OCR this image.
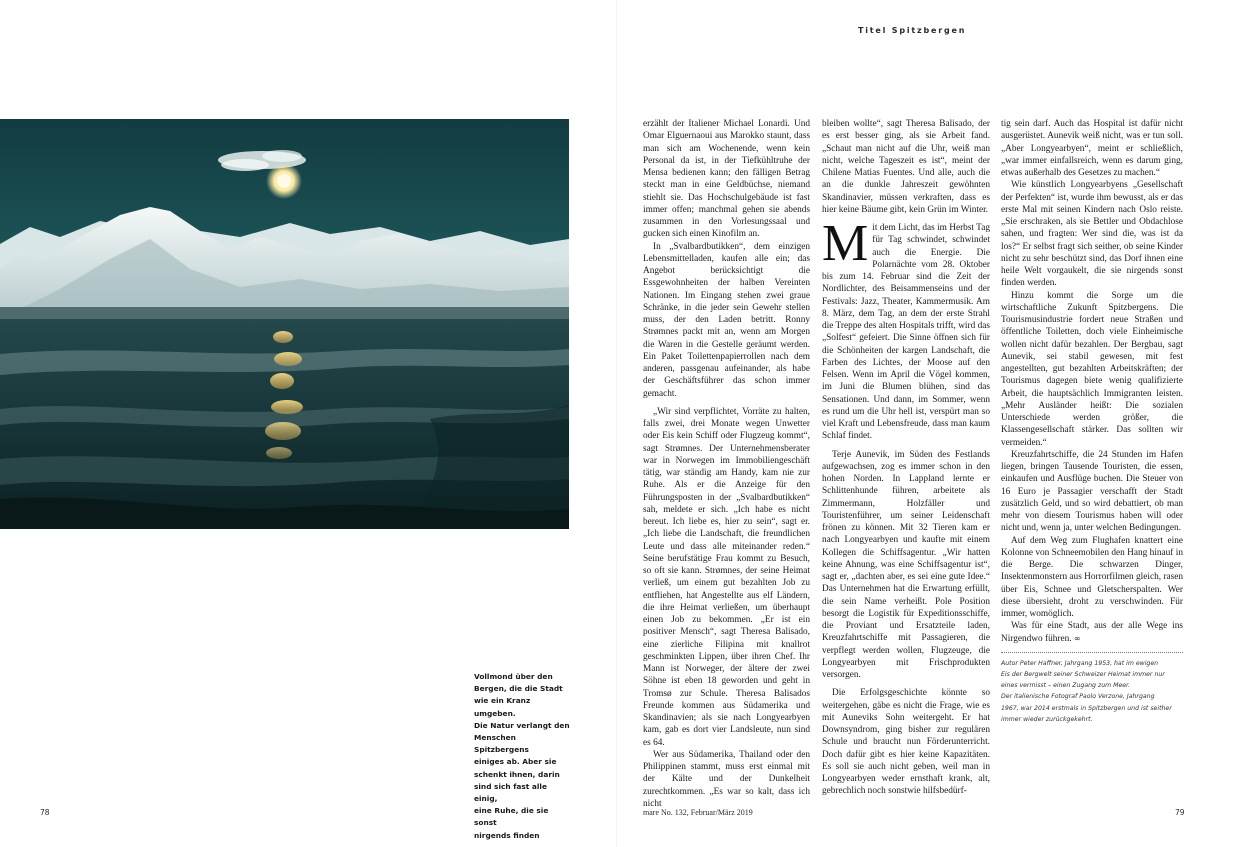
Titel Spitzbergen
Vollmond über den
Bergen, die die Stadt
wie ein Kranz umgeben.
Die Natur verlangt den
Menschen Spitzbergens
einiges ab. Aber sie
schenkt ihnen, darin
sind sich fast alle einig,
eine Ruhe, die sie sonst
nirgends finden

erzählt der Italiener Michael Lonardi. Und Omar Elguernaoui aus Marokko staunt, dass man sich am Wochenende, wenn kein Personal da ist, in der Tiefkühltruhe der Mensa bedienen kann; den fälligen Betrag steckt man in eine Geldbüchse, niemand stiehlt sie. Das Hochschulgebäude ist fast immer offen; manchmal gehen sie abends zusammen in den Vorlesungssaal und gucken sich einen Kinofilm an.

In „Svalbardbutikken“, dem einzigen Lebensmittelladen, kaufen alle ein; das Angebot berücksichtigt die Essgewohnheiten der halben Vereinten Nationen. Im Eingang stehen zwei graue Schränke, in die jeder sein Gewehr stellen muss, der den Laden betritt. Ronny Strømnes packt mit an, wenn am Morgen die Waren in die Gestelle geräumt werden. Ein Paket Toilettenpapierrollen nach dem anderen, passgenau aufeinander, als habe der Geschäftsführer das schon immer gemacht.

„Wir sind verpflichtet, Vorräte zu halten, falls zwei, drei Monate wegen Unwetter oder Eis kein Schiff oder Flugzeug kommt“, sagt Strømnes. Der Unternehmensberater war in Norwegen im Immobiliengeschäft tätig, war ständig am Handy, kam nie zur Ruhe. Als er die Anzeige für den Führungsposten in der „Svalbardbutikken“ sah, meldete er sich. „Ich habe es nicht bereut. Ich liebe es, hier zu sein“, sagt er. „Ich liebe die Landschaft, die freundlichen Leute und dass alle miteinander reden.“ Seine berufstätige Frau kommt zu Besuch, so oft sie kann. Strømnes, der seine Heimat verließ, um einem gut bezahlten Job zu entfliehen, hat Angestellte aus elf Ländern, die ihre Heimat verließen, um überhaupt einen Job zu bekommen. „Er ist ein positiver Mensch“, sagt Theresa Balisado, eine zierliche Filipina mit knallrot geschminkten Lippen, über ihren Chef. Ihr Mann ist Norweger, der ältere der zwei Söhne ist eben 18 geworden und geht in Tromsø zur Schule. Theresa Balisados Freunde kommen aus Südamerika und Skandinavien; als sie nach Longyearbyen kam, gab es dort vier Landsleute, nun sind es 64.

Wer aus Südamerika, Thailand oder den Philippinen stammt, muss erst einmal mit der Kälte und der Dunkelheit zurechtkommen. „Es war so kalt, dass ich nicht

bleiben wollte“, sagt Theresa Balisado, der es erst besser ging, als sie Arbeit fand. „Schaut man nicht auf die Uhr, weiß man nicht, welche Tageszeit es ist“, meint der Chilene Matias Fuentes. Und alle, auch die an die dunkle Jahreszeit gewöhnten Skandinavier, müssen verkraften, dass es hier keine Bäume gibt, kein Grün im Winter.

Mit dem Licht, das im Herbst Tag für Tag schwindet, schwindet auch die Energie. Die Polarnächte vom 28. Oktober bis zum 14. Februar sind die Zeit der Nordlichter, des Beisammenseins und der Festivals: Jazz, Theater, Kammermusik. Am 8. März, dem Tag, an dem der erste Strahl die Treppe des alten Hospitals trifft, wird das „Solfest“ gefeiert. Die Sinne öffnen sich für die Schönheiten der kargen Landschaft, die Farben des Lichtes, der Moose auf den Felsen. Wenn im April die Vögel kommen, im Juni die Blumen blühen, sind das Sensationen. Und dann, im Sommer, wenn es rund um die Uhr hell ist, verspürt man so viel Kraft und Lebensfreude, dass man kaum Schlaf findet.

Terje Aunevik, im Süden des Festlands aufgewachsen, zog es immer schon in den hohen Norden. In Lappland lernte er Schlittenhunde führen, arbeitete als Zimmermann, Holzfäller und Touristenführer, um seiner Leidenschaft frönen zu können. Mit 32 Tieren kam er nach Longyearbyen und kaufte mit einem Kollegen die Schiffsagentur. „Wir hatten keine Ahnung, was eine Schiffsagentur ist“, sagt er, „dachten aber, es sei eine gute Idee.“ Das Unternehmen hat die Erwartung erfüllt, die sein Name verheißt. Pole Position besorgt die Logistik für Expeditionsschiffe, die Proviant und Ersatzteile laden, Kreuzfahrtschiffe mit Passagieren, die verpflegt werden wollen, Flugzeuge, die Longyearbyen mit Frischprodukten versorgen.

Die Erfolgsgeschichte könnte so weitergehen, gäbe es nicht die Frage, wie es mit Auneviks Sohn weitergeht. Er hat Downsyndrom, ging bisher zur regulären Schule und braucht nun Förderunterricht. Doch dafür gibt es hier keine Kapazitäten. Es soll sie auch nicht geben, weil man in Longyearbyen weder ernsthaft krank, alt, gebrechlich noch sonstwie hilfsbedürf-

tig sein darf. Auch das Hospital ist dafür nicht ausgerüstet. Aunevik weiß nicht, was er tun soll. „Aber Longyearbyen“, meint er schließlich, „war immer einfallsreich, wenn es darum ging, etwas außerhalb des Gesetzes zu machen.“

Wie künstlich Longyearbyens „Gesellschaft der Perfekten“ ist, wurde ihm bewusst, als er das erste Mal mit seinen Kindern nach Oslo reiste. „Sie erschraken, als sie Bettler und Obdachlose sahen, und fragten: Wer sind die, was ist da los?“ Er selbst fragt sich seither, ob seine Kinder nicht zu sehr beschützt sind, das Dorf ihnen eine heile Welt vorgaukelt, die sie nirgends sonst finden werden.

Hinzu kommt die Sorge um die wirtschaftliche Zukunft Spitzbergens. Die Tourismusindustrie fordert neue Straßen und öffentliche Toiletten, doch viele Einheimische wollen nicht dafür bezahlen. Der Bergbau, sagt Aunevik, sei stabil gewesen, mit fest angestellten, gut bezahlten Arbeitskräften; der Tourismus dagegen biete wenig qualifizierte Arbeit, die hauptsächlich Immigranten leisten. „Mehr Ausländer heißt: Die sozialen Unterschiede werden größer, die Klassengesellschaft stärker. Das sollten wir vermeiden.“

Kreuzfahrtschiffe, die 24 Stunden im Hafen liegen, bringen Tausende Touristen, die essen, einkaufen und Ausflüge buchen. Die Steuer von 16 Euro je Passagier verschafft der Stadt zusätzlich Geld, und so wird debattiert, ob man mehr von diesem Tourismus haben will oder nicht und, wenn ja, unter welchen Bedingungen.

Auf dem Weg zum Flughafen knattert eine Kolonne von Schneemobilen den Hang hinauf in die Berge. Die schwarzen Dinger, Insektenmonstern aus Horrorfilmen gleich, rasen über Eis, Schnee und Gletscherspalten. Wer diese übersieht, droht zu verschwinden. Für immer, womöglich.

Was für eine Stadt, aus der alle Wege ins Nirgendwo führen. ∞

Autor Peter Haffner, Jahrgang 1953, hat im ewigen
Eis der Bergwelt seiner Schweizer Heimat immer nur
eines vermisst – einen Zugang zum Meer.
Der italienische Fotograf Paolo Verzone, Jahrgang
1967, war 2014 erstmals in Spitzbergen und ist seither
immer wieder zurückgekehrt.
78	mare No. 132, Februar/März 2019	79
